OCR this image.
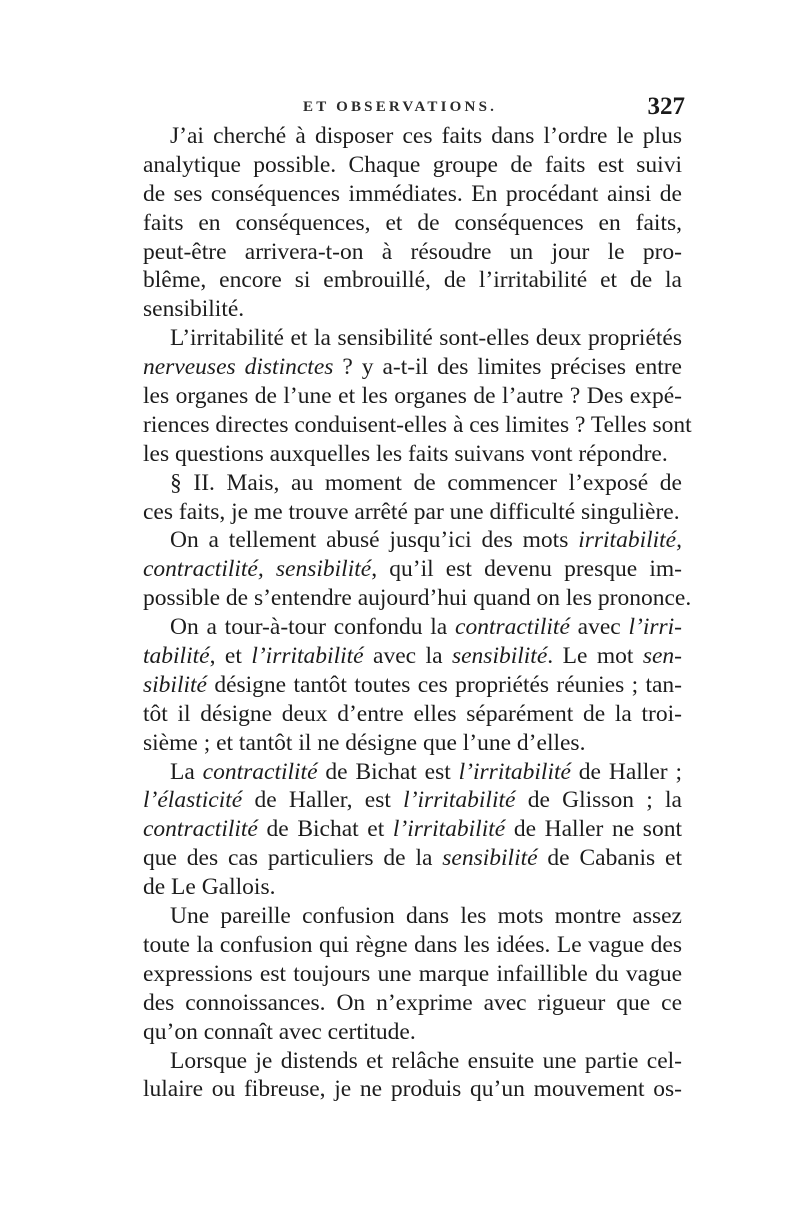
ET OBSERVATIONS.	327
J’ai cherché à disposer ces faits dans l’ordre le plus
analytique possible. Chaque groupe de faits est suivi
de ses conséquences immédiates. En procédant ainsi de
faits en conséquences, et de conséquences en faits,
peut-être arrivera-t-on à résoudre un jour le pro-
blême, encore si embrouillé, de l’irritabilité et de la
sensibilité.
L’irritabilité et la sensibilité sont-elles deux propriétés
nerveuses distinctes ? y a-t-il des limites précises entre
les organes de l’une et les organes de l’autre ? Des expé-
riences directes conduisent-elles à ces limites ? Telles sont
les questions auxquelles les faits suivans vont répondre.
§ II. Mais, au moment de commencer l’exposé de
ces faits, je me trouve arrêté par une difficulté singulière.
On a tellement abusé jusqu’ici des mots irritabilité,
contractilité, sensibilité, qu’il est devenu presque im-
possible de s’entendre aujourd’hui quand on les prononce.
On a tour-à-tour confondu la contractilité avec l’irri-
tabilité, et l’irritabilité avec la sensibilité. Le mot sen-
sibilité désigne tantôt toutes ces propriétés réunies ; tan-
tôt il désigne deux d’entre elles séparément de la troi-
sième ; et tantôt il ne désigne que l’une d’elles.
La contractilité de Bichat est l’irritabilité de Haller ;
l’élasticité de Haller, est l’irritabilité de Glisson ; la
contractilité de Bichat et l’irritabilité de Haller ne sont
que des cas particuliers de la sensibilité de Cabanis et
de Le Gallois.
Une pareille confusion dans les mots montre assez
toute la confusion qui règne dans les idées. Le vague des
expressions est toujours une marque infaillible du vague
des connoissances. On n’exprime avec rigueur que ce
qu’on connaît avec certitude.
Lorsque je distends et relâche ensuite une partie cel-
lulaire ou fibreuse, je ne produis qu’un mouvement os-
